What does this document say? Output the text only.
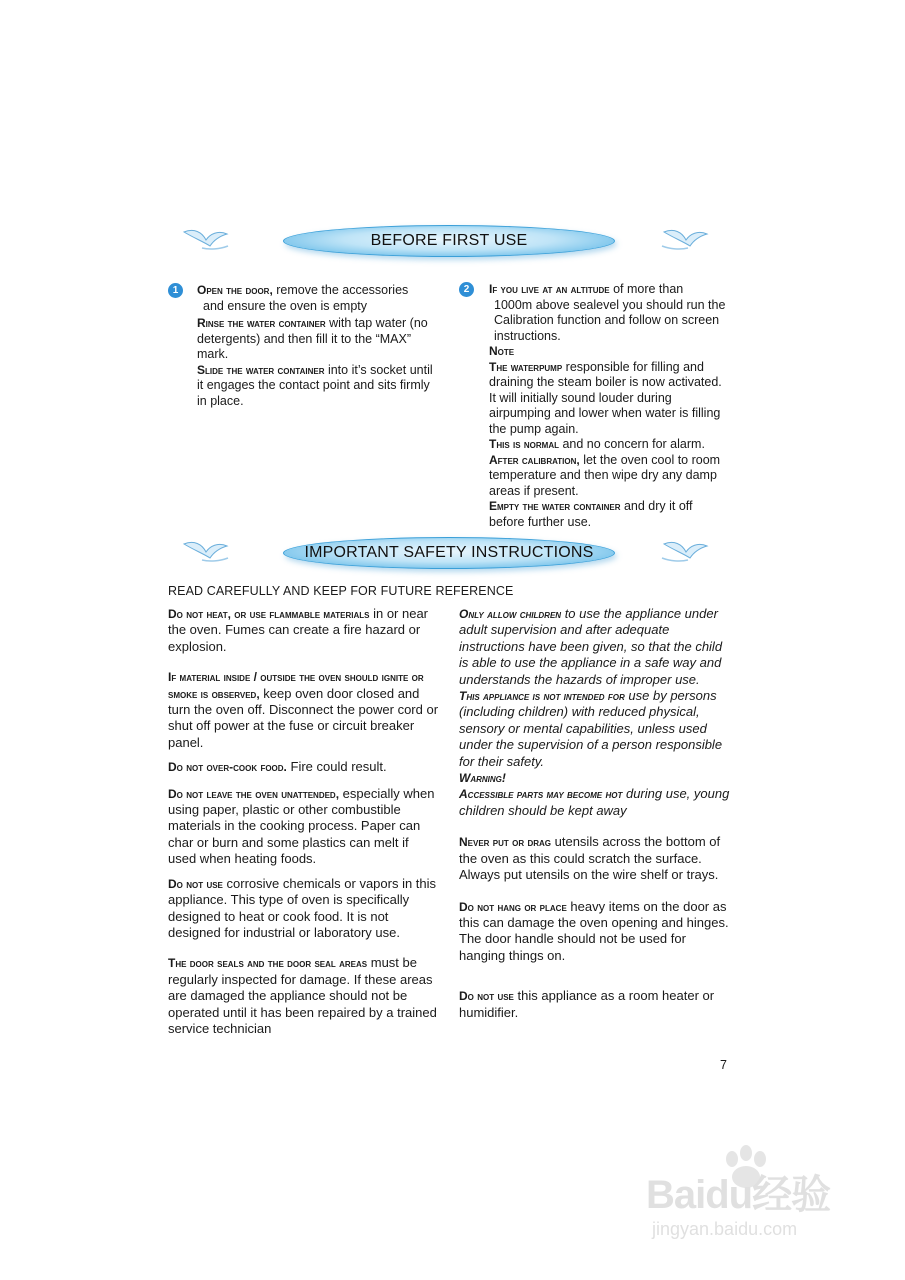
BEFORE FIRST USE
1	Open the door, remove the accessories

and ensure the oven is empty

Rinse the water container with tap water (no detergents) and then fill it to the “MAX” mark.

Slide the water container into it’s socket until it engages the contact point and sits firmly in place.

2	If you live at an altitude of more than

1000m above sealevel you should run the Calibration function and follow on screen instructions.

Note

The waterpump responsible for filling and draining the steam boiler is now activated. It will initially sound louder during airpumping and lower when water is filling the pump again.

This is normal and no concern for alarm.

After calibration, let the oven cool to room temperature and then wipe dry any damp areas if present.

Empty the water container and dry it off before further use.

IMPORTANT SAFETY INSTRUCTIONS
READ CAREFULLY AND KEEP FOR FUTURE REFERENCE

Do not heat, or use flammable materials in or near the oven. Fumes can create a fire hazard or explosion.

If material inside / outside the oven should ignite or smoke is observed, keep oven door closed and turn the oven off. Disconnect the power cord or shut off power at the fuse or circuit breaker panel.

Do not over-cook food. Fire could result.

Do not leave the oven unattended, especially when using paper, plastic or other combustible materials in the cooking process. Paper can char or burn and some plastics can melt if used when heating foods.

Do not use corrosive chemicals or vapors in this appliance. This type of oven is specifically designed to heat or cook food. It is not designed for industrial or laboratory use.

The door seals and the door seal areas must be regularly inspected for damage. If these areas are damaged the appliance should not be operated until it has been repaired by a trained service technician

Only allow children to use the appliance under adult supervision and after adequate instructions have been given, so that the child is able to use the appliance in a safe way and understands the hazards of improper use.

This appliance is not intended for use by persons (including children) with reduced physical, sensory or mental capabilities, unless used under the supervision of a person responsible for their safety.

Warning!

Accessible parts may become hot during use, young children should be kept away

Never put or drag utensils across the bottom of the oven as this could scratch the surface. Always put utensils on the wire shelf or trays.

Do not hang or place heavy items on the door as this can damage the oven opening and hinges. The door handle should not be used for hanging things on.

Do not use this appliance as a room heater or humidifier.

7
Baidu经验
jingyan.baidu.com
